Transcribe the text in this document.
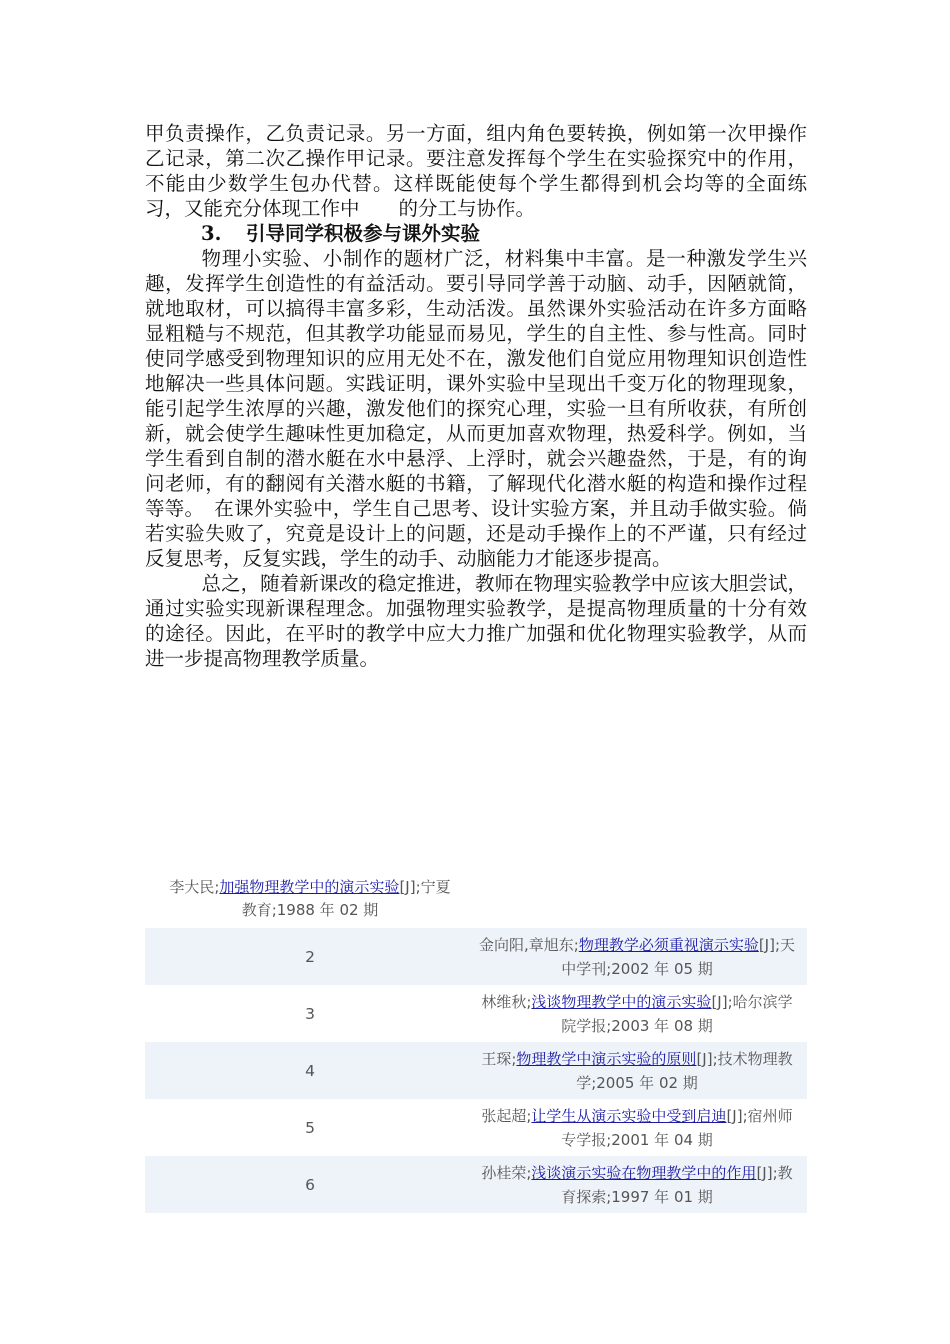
甲负责操作，乙负责记录。另一方面，组内角色要转换，例如第一次甲操作乙记录，第二次乙操作甲记录。要注意发挥每个学生在实验探究中的作用，不能由少数学生包办代替。这样既能使每个学生都得到机会均等的全面练习，又能充分体现工作中　　的分工与协作。

3. 引导同学积极参与课外实验

物理小实验、小制作的题材广泛，材料集中丰富。是一种激发学生兴趣，发挥学生创造性的有益活动。要引导同学善于动脑、动手，因陋就简，就地取材，可以搞得丰富多彩，生动活泼。虽然课外实验活动在许多方面略显粗糙与不规范，但其教学功能显而易见，学生的自主性、参与性高。同时使同学感受到物理知识的应用无处不在，激发他们自觉应用物理知识创造性地解决一些具体问题。实践证明，课外实验中呈现出千变万化的物理现象，能引起学生浓厚的兴趣，激发他们的探究心理，实验一旦有所收获，有所创新，就会使学生趣味性更加稳定，从而更加喜欢物理，热爱科学。例如，当学生看到自制的潜水艇在水中悬浮、上浮时，就会兴趣盎然，于是，有的询问老师，有的翻阅有关潜水艇的书籍，了解现代化潜水艇的构造和操作过程等等。　在课外实验中，学生自己思考、设计实验方案，并且动手做实验。倘若实验失败了，究竟是设计上的问题，还是动手操作上的不严谨，只有经过反复思考，反复实践，学生的动手、动脑能力才能逐步提高。

总之，随着新课改的稳定推进，教师在物理实验教学中应该大胆尝试，通过实验实现新课程理念。加强物理实验教学，是提高物理质量的十分有效的途径。因此，在平时的教学中应大力推广加强和优化物理实验教学，从而进一步提高物理教学质量。

李大民;加强物理教学中的演示实验[J];宁夏
教育;1988 年 02 期
2	金向阳,章旭东;物理教学必须重视演示实验[J];天中学刊;2002 年 05 期
3	林维秋;浅谈物理教学中的演示实验[J];哈尔滨学院学报;2003 年 08 期
4	王琛;物理教学中演示实验的原则[J];技术物理教学;2005 年 02 期
5	张起超;让学生从演示实验中受到启迪[J];宿州师专学报;2001 年 04 期
6	孙桂荣;浅谈演示实验在物理教学中的作用[J];教育探索;1997 年 01 期
